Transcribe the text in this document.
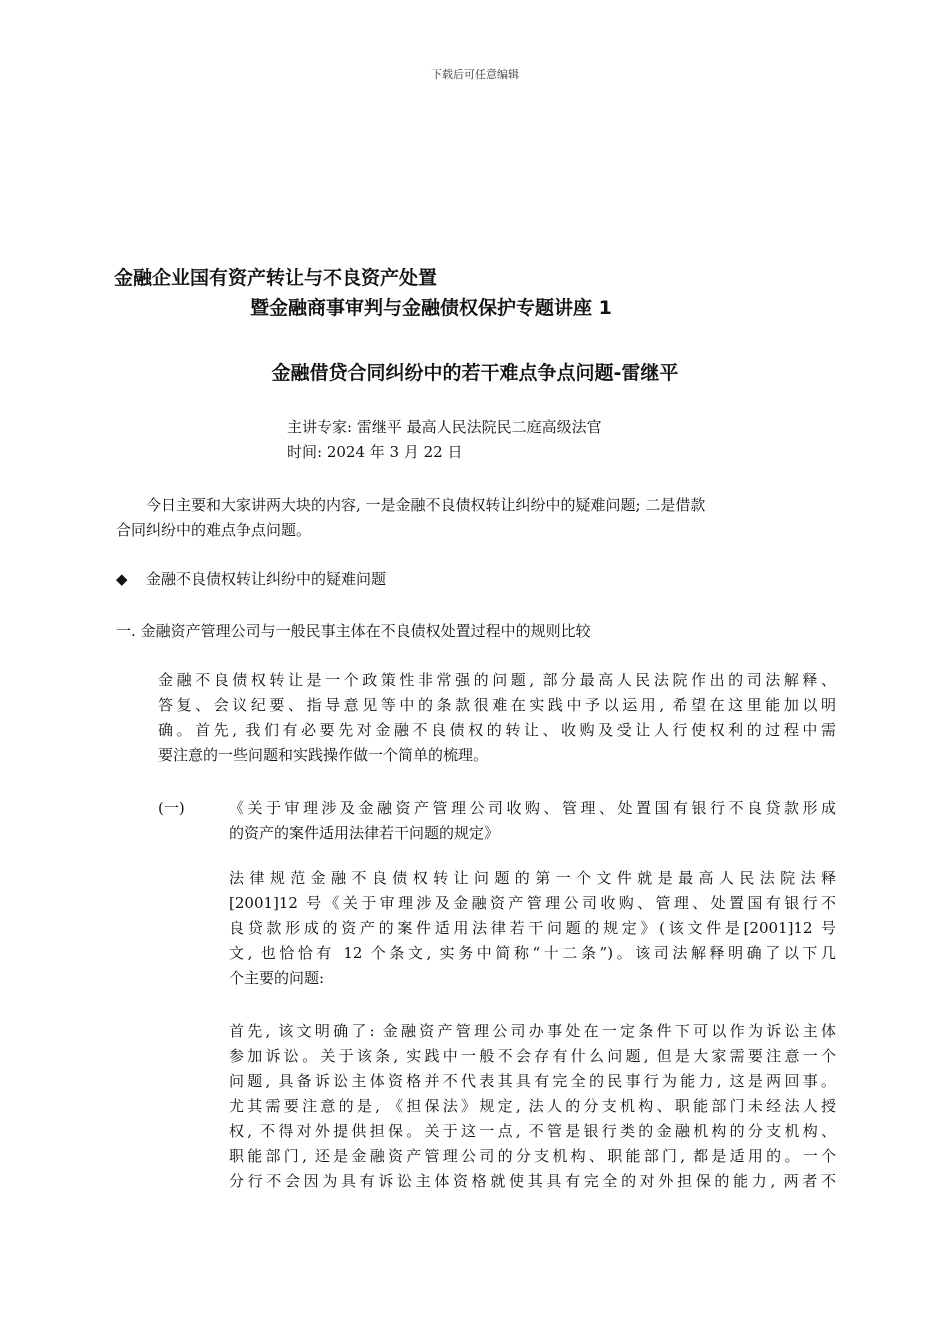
下载后可任意编辑
金融企业国有资产转让与不良资产处置
暨金融商事审判与金融债权保护专题讲座 1
金融借贷合同纠纷中的若干难点争点问题-雷继平
主讲专家: 雷继平 最高人民法院民二庭高级法官
时间: 2024 年 3 月 22 日
今日主要和大家讲两大块的内容, 一是金融不良债权转让纠纷中的疑难问题; 二是借款
合同纠纷中的难点争点问题。
◆ 金融不良债权转让纠纷中的疑难问题
一. 金融资产管理公司与一般民事主体在不良债权处置过程中的规则比较
金融不良债权转让是一个政策性非常强的问题, 部分最高人民法院作出的司法解释、
答复、会议纪要、指导意见等中的条款很难在实践中予以运用, 希望在这里能加以明
确。首先, 我们有必要先对金融不良债权的转让、收购及受让人行使权利的过程中需
要注意的一些问题和实践操作做一个简单的梳理。
(一)	《关于审理涉及金融资产管理公司收购、管理、处置国有银行不良贷款形成
的资产的案件适用法律若干问题的规定》
法律规范金融不良债权转让问题的第一个文件就是最高人民法院法释
[2001]12 号《关于审理涉及金融资产管理公司收购、管理、处置国有银行不
良贷款形成的资产的案件适用法律若干问题的规定》(该文件是[2001]12 号
文, 也恰恰有 12 个条文, 实务中简称“十二条”)。该司法解释明确了以下几
个主要的问题:
首先, 该文明确了: 金融资产管理公司办事处在一定条件下可以作为诉讼主体
参加诉讼。关于该条, 实践中一般不会存有什么问题, 但是大家需要注意一个
问题, 具备诉讼主体资格并不代表其具有完全的民事行为能力, 这是两回事。
尤其需要注意的是, 《担保法》规定, 法人的分支机构、职能部门未经法人授
权, 不得对外提供担保。关于这一点, 不管是银行类的金融机构的分支机构、
职能部门, 还是金融资产管理公司的分支机构、职能部门, 都是适用的。一个
分行不会因为具有诉讼主体资格就使其具有完全的对外担保的能力, 两者不
